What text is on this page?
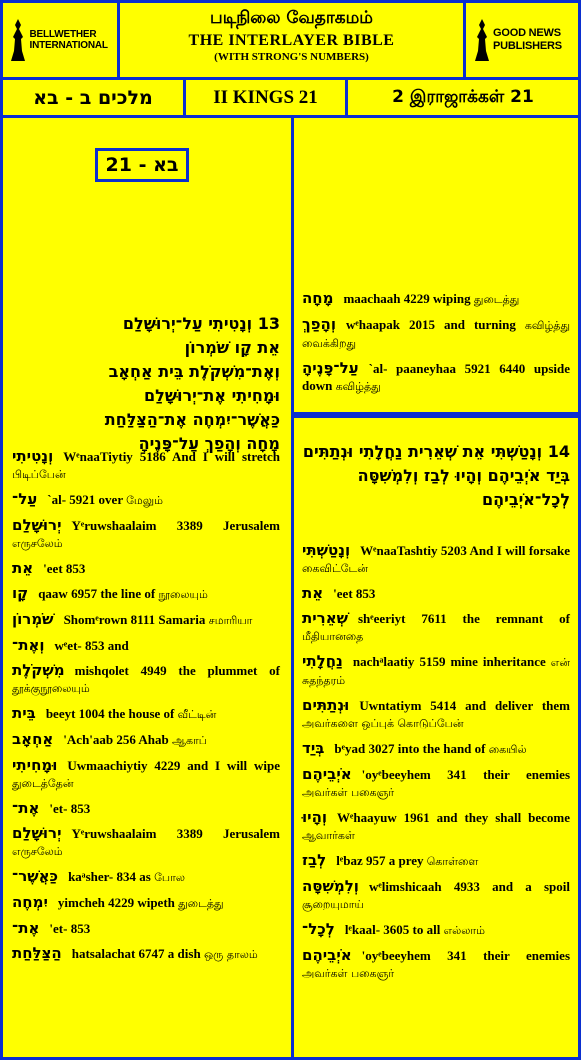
BELLWETHER INTERNATIONAL
படிநிலை வேதாகமம்
THE INTERLAYER BIBLE
(WITH STRONG'S NUMBERS)
GOOD NEWS PUBLISHERS
מלכים ב - בא	II KINGS 21	2 இராஜாக்கள் 21
בא - 21
13 וְנָטִיתִי עַל־יְרוּשָׁלִַם אֵת קָו שֹׁמְרוֹן וְאֶת־מִשְׁקֹלֶת בֵּית אַחְאָב וּמָחִיתִי אֶת־יְרוּשָׁלִַם כַּאֲשֶׁר־יִמְחֶה אֶת־הַצַּלַּחַת מָחָה וְהָפַךְ עַל־פָּנֶיהָ
וְנָטִיתִי WᵉnaaTiytiy 5186 And I will stretch பிடிப்பேன்
עַל־ `al- 5921 over மேலும்
יְרוּשָׁלִַם Yᵉruwshaalaim 3389 Jerusalem எருசலேம்
אֵת 'eet 853
קָו qaaw 6957 the line of நூலையும்
שֹׁמְרוֹן Shomᵉrown 8111 Samaria சமாரியா
וְאֶת־ wᵉet- 853 and
מִשְׁקֹלֶת mishqolet 4949 the plummet of தூக்குநூலையும்
בֵּית beeyt 1004 the house of வீட்டின்
אַחְאָב 'Ach'aab 256 Ahab ஆகாப்
וּמָחִיתִי Uwmaachiytiy 4229 and I will wipe துடைத்தேன்
אֶת־ 'et- 853
יְרוּשָׁלִַם Yᵉruwshaalaim 3389 Jerusalem எருசலேம்
כַּאֲשֶׁר־ kaᵃsher- 834 as போல
יִמְחֶה yimcheh 4229 wipeth துடைத்து
אֶת־ 'et- 853
הַצַּלַּחַת hatsalachat 6747 a dish ஒரு தாலம்
מָחָה maachaah 4229 wiping துடைத்து
וְהָפַךְ wᵉhaapak 2015 and turning கவிழ்த்து வைக்கிறது
עַל־פָּנֶיהָ `al- paaneyhaa 5921 6440 upside down கவிழ்த்து
14 וְנָטַשְׁתִּי אֵת שְׁאֵרִית נַחֲלָתִי וּנְתַתִּים בְּיַד אֹיְבֵיהֶם וְהָיוּ לְבַז וְלִמְשִׁסָּה לְכָל־אֹיְבֵיהֶם
וְנָטַשְׁתִּי WᵉnaaTashtiy 5203 And I will forsake கைவிட்டேன்
אֵת 'eet 853
שְׁאֵרִית shᵉeeriyt 7611 the remnant of மீதியானதை
נַחֲלָתִי nachᵃlaatiy 5159 mine inheritance என் சுதந்தரம்
וּנְתַתִּים Uwntatiym 5414 and deliver them அவர்களை ஒப்புக் கொடுப்பேன்
בְּיַד bᵉyad 3027 into the hand of கையில்
אֹיְבֵיהֶם 'oyᵉbeeyhem 341 their enemies அவர்கள் பகைஞர்
וְהָיוּ Wᵉhaayuw 1961 and they shall become ஆவார்கள்
לְבַז lᵉbaz 957 a prey கொள்ளை
וְלִמְשִׁסָּה wᵉlimshicaah 4933 and a spoil சூறையுமாய்
לְכָל־ lᵉkaal- 3605 to all எல்லாம்
אֹיְבֵיהֶם 'oyᵉbeeyhem 341 their enemies அவர்கள் பகைஞர்
